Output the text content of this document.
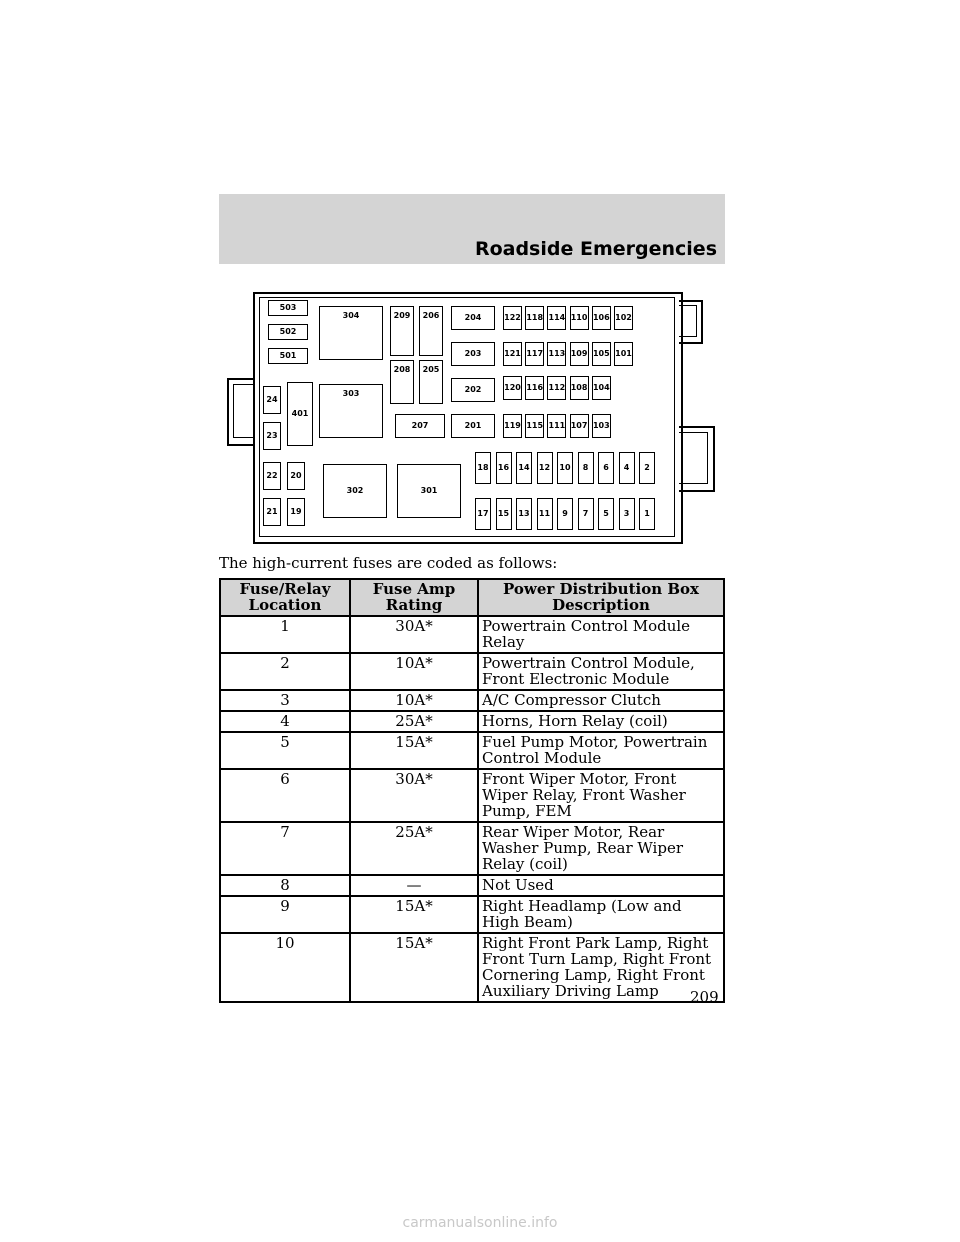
Roadside Emergencies
503
502
501
304	209	206
208	205
204
203
202
201
207
122 118 114 110 106 102
121 117 113 109 105 101
120 116 112 108 104
119 115 111 107 103
24
23
401
303
22	20
21	19
302	301
18	16	14	12	10	8	6	4	2
17	15	13	11	9	7	5	3	1
The high-current fuses are coded as follows:
Fuse/Relay Location	Fuse Amp Rating	Power Distribution Box Description
1	30A*	Powertrain Control Module Relay
2	10A*	Powertrain Control Module, Front Electronic Module
3	10A*	A/C Compressor Clutch
4	25A*	Horns, Horn Relay (coil)
5	15A*	Fuel Pump Motor, Powertrain Control Module
6	30A*	Front Wiper Motor, Front Wiper Relay, Front Washer Pump, FEM
7	25A*	Rear Wiper Motor, Rear Washer Pump, Rear Wiper Relay (coil)
8	—	Not Used
9	15A*	Right Headlamp (Low and High Beam)
10	15A*	Right Front Park Lamp, Right Front Turn Lamp, Right Front Cornering Lamp, Right Front Auxiliary Driving Lamp 209
carmanualsonline.info
